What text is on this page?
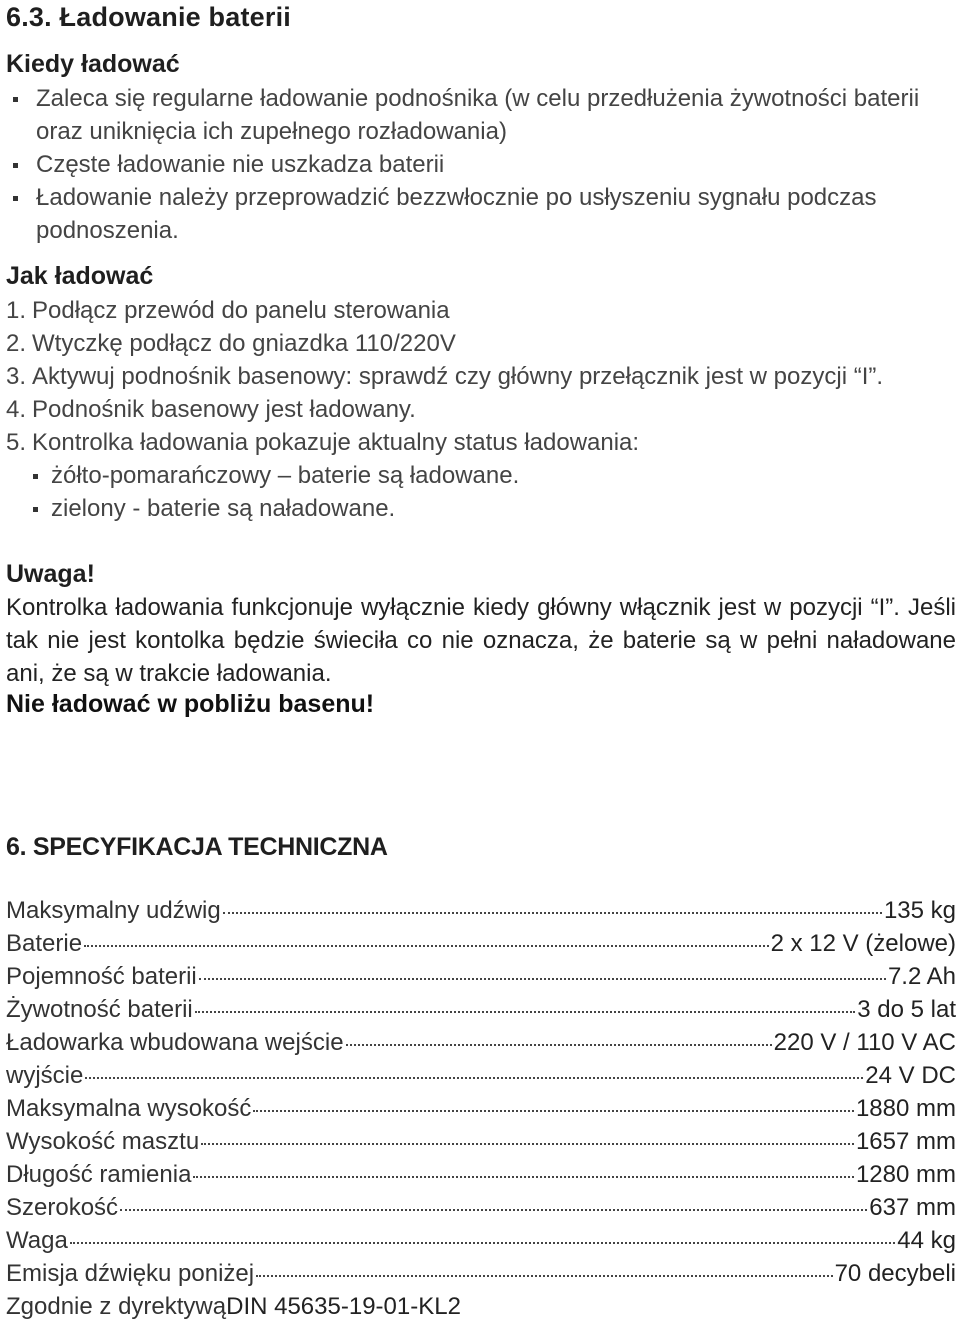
6.3. Ładowanie baterii
Kiedy ładować
Zaleca się regularne ładowanie podnośnika (w celu przedłużenia żywotności baterii oraz uniknięcia ich zupełnego rozładowania)
Częste ładowanie nie uszkadza baterii
Ładowanie należy przeprowadzić bezzwłocznie po usłyszeniu sygnału podczas podnoszenia.
Jak ładować
1. Podłącz przewód do panelu sterowania
2. Wtyczkę podłącz do gniazdka 110/220V
3. Aktywuj podnośnik basenowy: sprawdź czy główny przełącznik jest w pozycji “I”.
4. Podnośnik basenowy jest ładowany.
5. Kontrolka ładowania pokazuje aktualny status ładowania:
żółto-pomarańczowy – baterie są ładowane.
zielony - baterie są naładowane.
Uwaga!

Kontrolka ładowania funkcjonuje wyłącznie kiedy główny włącznik jest w pozycji “I”. Jeśli tak nie jest kontolka będzie świeciła co nie oznacza, że baterie są w pełni naładowane ani, że są w trakcie ładowania.

Nie ładować w pobliżu basenu!
6. SPECYFIKACJA TECHNICZNA
Maksymalny udźwig	135 kg
Baterie	2 x 12 V (żelowe)
Pojemność baterii	7.2 Ah
Żywotność baterii	3 do 5 lat
Ładowarka wbudowana wejście	220 V / 110 V AC
wyjście	24 V DC
Maksymalna wysokość	1880 mm
Wysokość masztu	1657 mm
Długość ramienia	1280 mm
Szerokość	637 mm
Waga	44 kg
Emisja dźwięku poniżej	70 decybeli
Zgodnie z dyrektywą DIN 45635-19-01-KL2
